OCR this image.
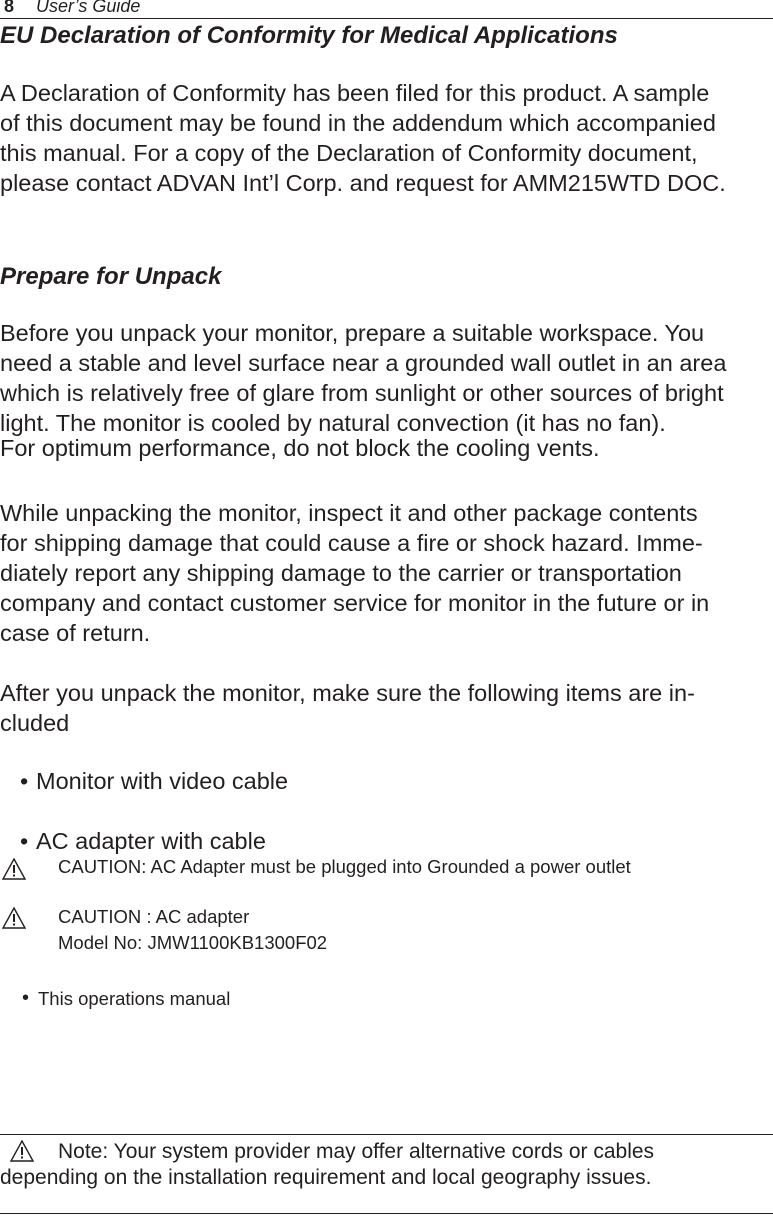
8 User’s Guide
EU Declaration of Conformity for Medical Applications
A Declaration of Conformity has been filed for this product. A sample
of this document may be found in the addendum which accompanied
this manual. For a copy of the Declaration of Conformity document,
please contact ADVAN Int’l Corp. and request for AMM215WTD DOC.
Prepare for Unpack
Before you unpack your monitor, prepare a suitable workspace. You
need a stable and level surface near a grounded wall outlet in an area
which is relatively free of glare from sunlight or other sources of bright
light. The monitor is cooled by natural convection (it has no fan).
For optimum performance, do not block the cooling vents.
While unpacking the monitor, inspect it and other package contents
for shipping damage that could cause a fire or shock hazard. Imme-
diately report any shipping damage to the carrier or transportation
company and contact customer service for monitor in the future or in
case of return.
After you unpack the monitor, make sure the following items are in-
cluded
• Monitor with video cable
• AC adapter with cable
CAUTION: AC Adapter must be plugged into Grounded a power outlet
CAUTION : AC adapter
Model No: JMW1100KB1300F02
• This operations manual
Note: Your system provider may offer alternative cords or cables
depending on the installation requirement and local geography issues.
